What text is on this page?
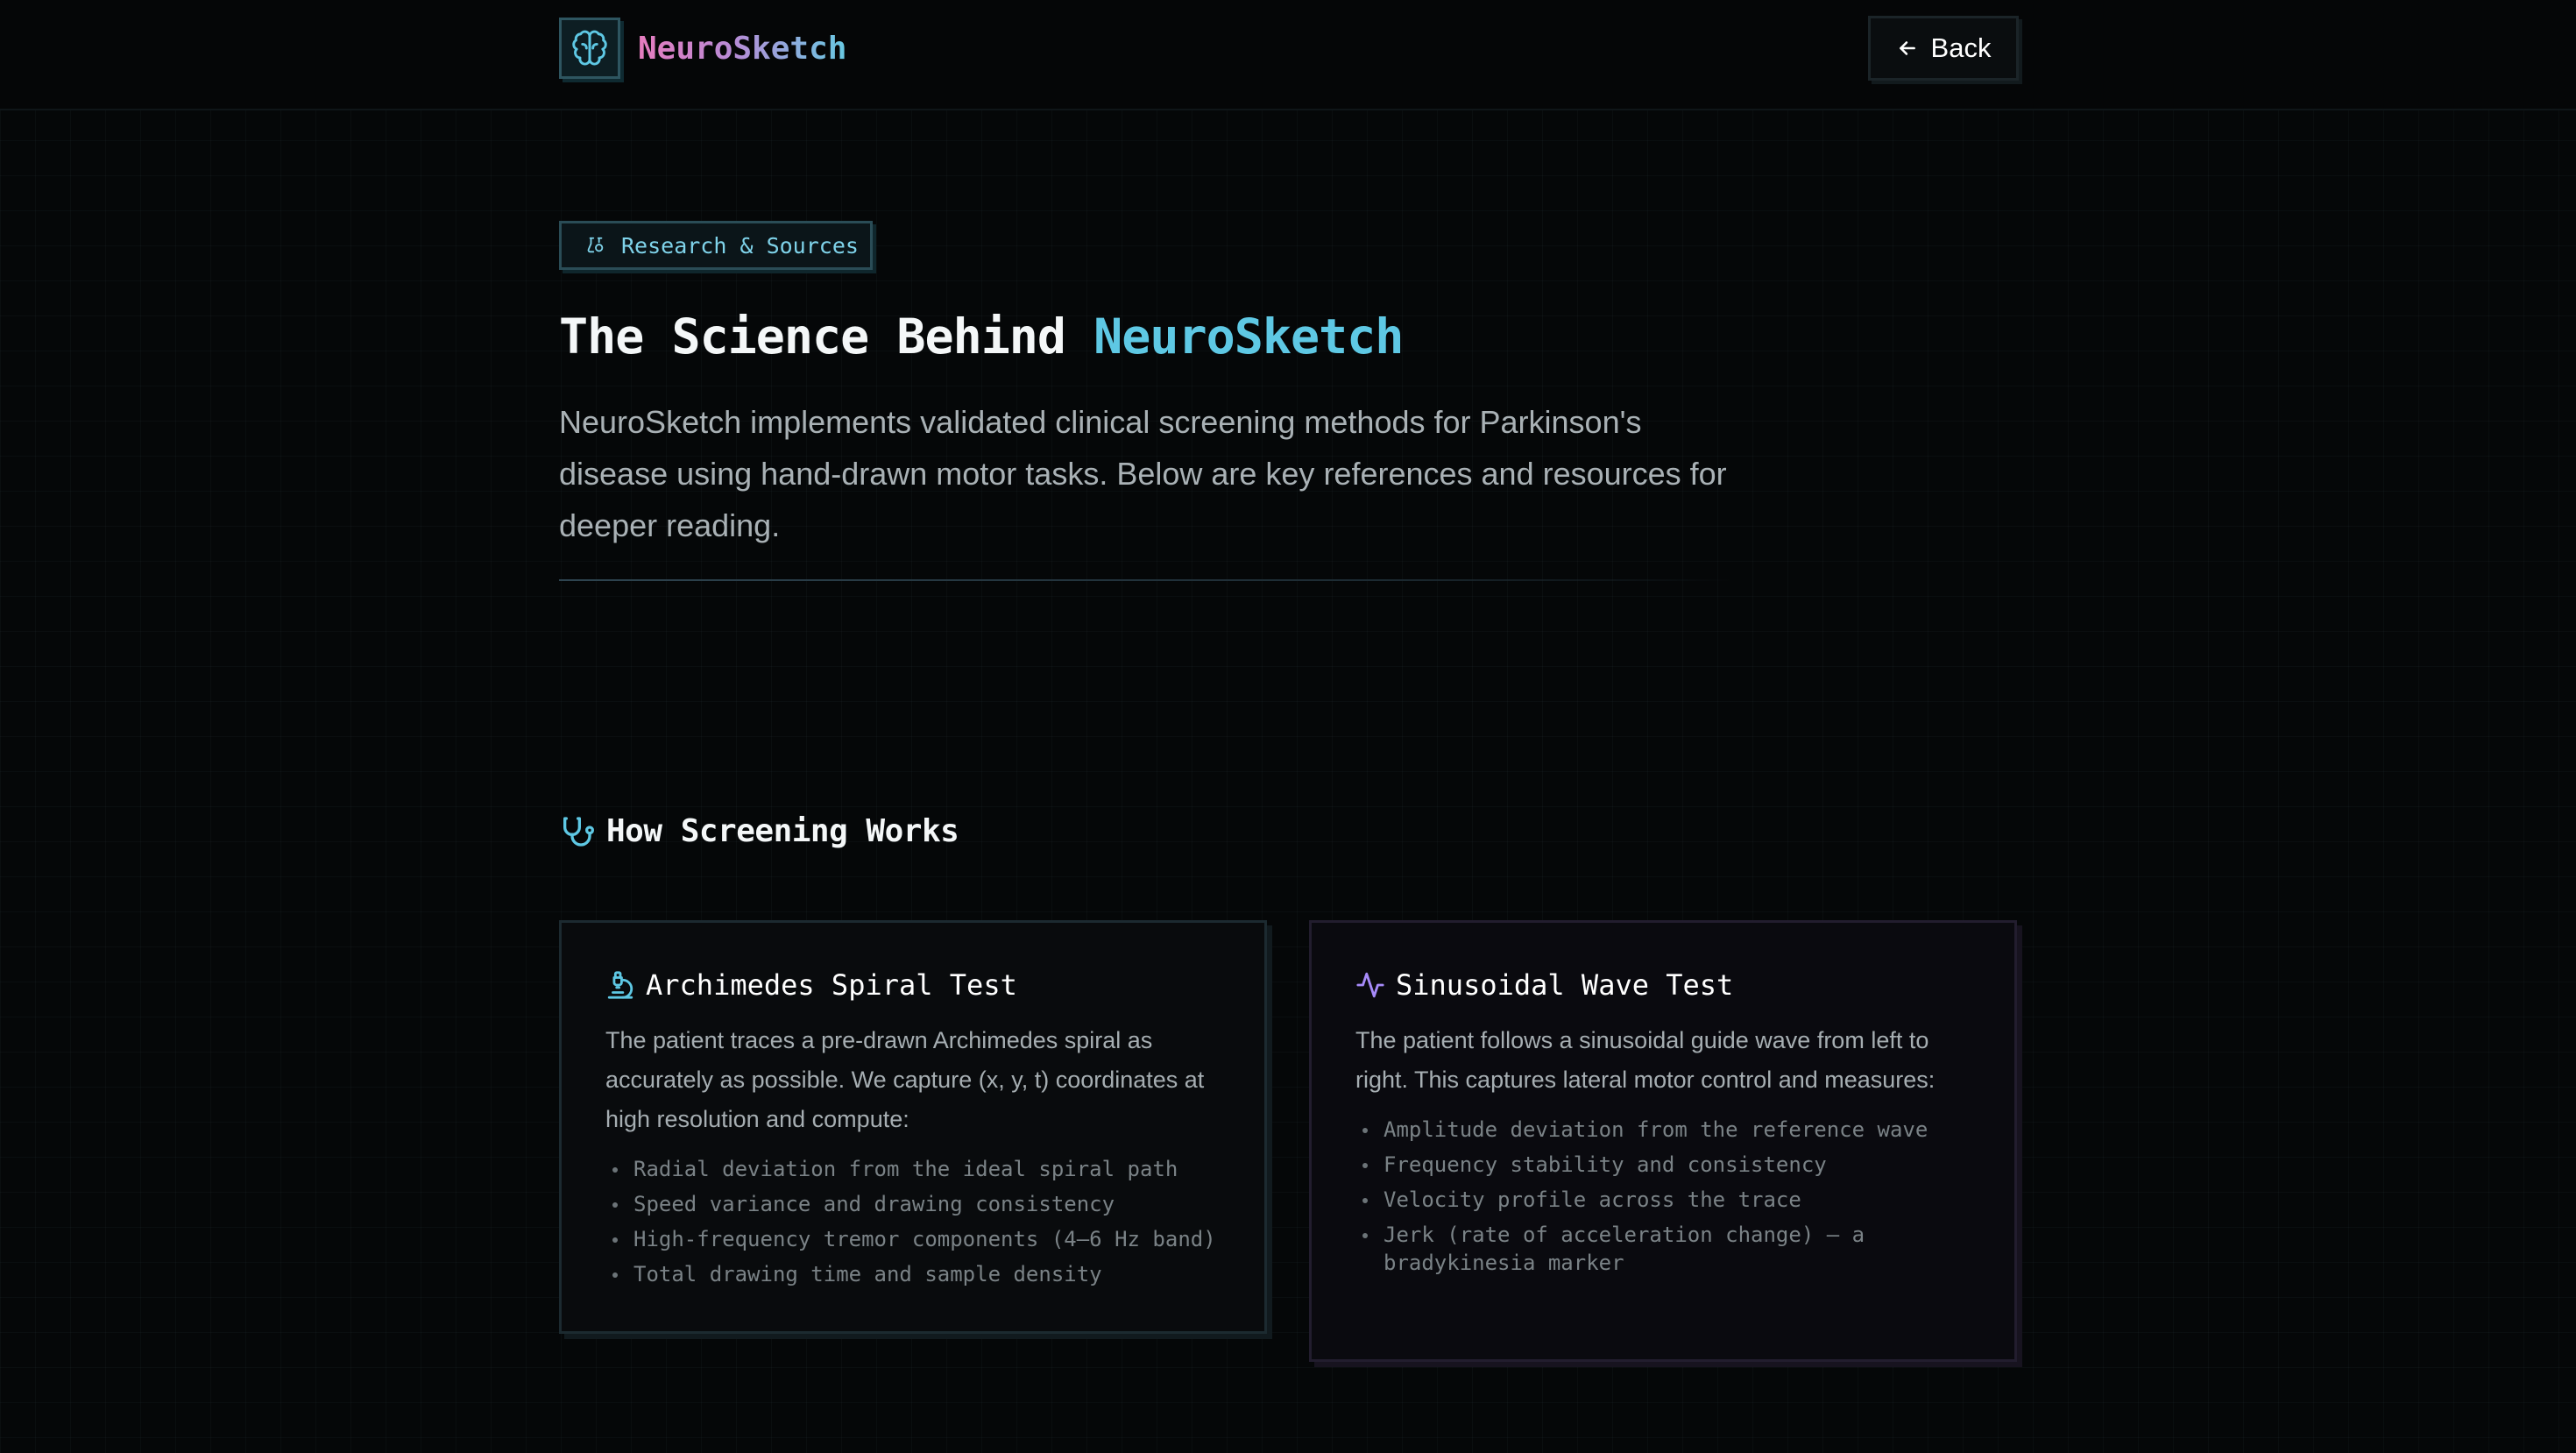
NeuroSketch	Back
Research & Sources
The Science Behind NeuroSketch

NeuroSketch implements validated clinical screening methods for Parkinson's disease using hand-drawn motor tasks. Below are key references and resources for deeper reading.

How Screening Works
Archimedes Spiral Test

The patient traces a pre-drawn Archimedes spiral as accurately as possible. We capture (x, y, t) coordinates at high resolution and compute:

Radial deviation from the ideal spiral path
Speed variance and drawing consistency
High-frequency tremor components (4–6 Hz band)
Total drawing time and sample density
Sinusoidal Wave Test

The patient follows a sinusoidal guide wave from left to right. This captures lateral motor control and measures:

Amplitude deviation from the reference wave
Frequency stability and consistency
Velocity profile across the trace
Jerk (rate of acceleration change) — a bradykinesia marker
